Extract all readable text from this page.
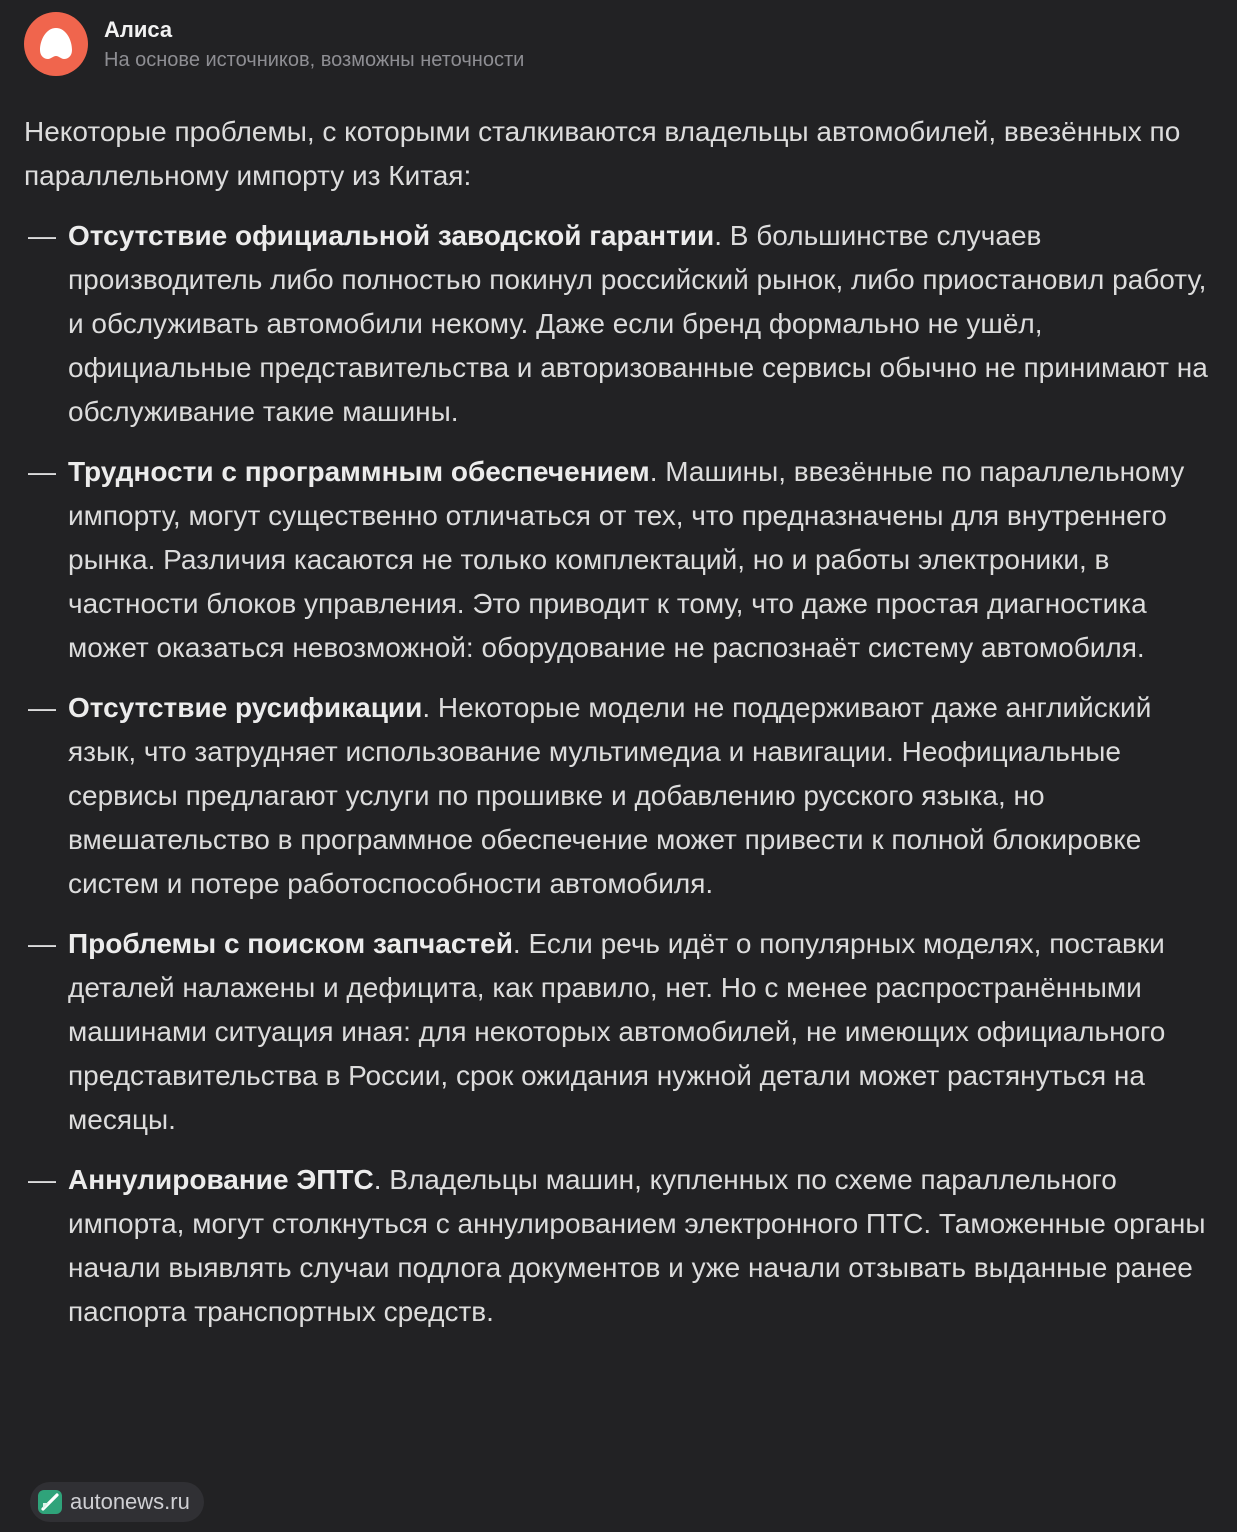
Алиса
На основе источников, возможны неточности

Некоторые проблемы, с которыми сталкиваются владельцы автомобилей, ввезённых по параллельному импорту из Китая:

— Отсутствие официальной заводской гарантии. В большинстве случаев производитель либо полностью покинул российский рынок, либо приостановил работу, и обслуживать автомобили некому. Даже если бренд формально не ушёл, официальные представительства и авторизованные сервисы обычно не принимают на обслуживание такие машины.
— Трудности с программным обеспечением. Машины, ввезённые по параллельному импорту, могут существенно отличаться от тех, что предназначены для внутреннего рынка. Различия касаются не только комплектаций, но и работы электроники, в частности блоков управления. Это приводит к тому, что даже простая диагностика может оказаться невозможной: оборудование не распознаёт систему автомобиля.
— Отсутствие русификации. Некоторые модели не поддерживают даже английский язык, что затрудняет использование мультимедиа и навигации. Неофициальные сервисы предлагают услуги по прошивке и добавлению русского языка, но вмешательство в программное обеспечение может привести к полной блокировке систем и потере работоспособности автомобиля.
— Проблемы с поиском запчастей. Если речь идёт о популярных моделях, поставки деталей налажены и дефицита, как правило, нет. Но с менее распространёнными машинами ситуация иная: для некоторых автомобилей, не имеющих официального представительства в России, срок ожидания нужной детали может растянуться на месяцы.
— Аннулирование ЭПТС. Владельцы машин, купленных по схеме параллельного импорта, могут столкнуться с аннулированием электронного ПТС. Таможенные органы начали выявлять случаи подлога документов и уже начали отзывать выданные ранее паспорта транспортных средств.
autonews.ru
